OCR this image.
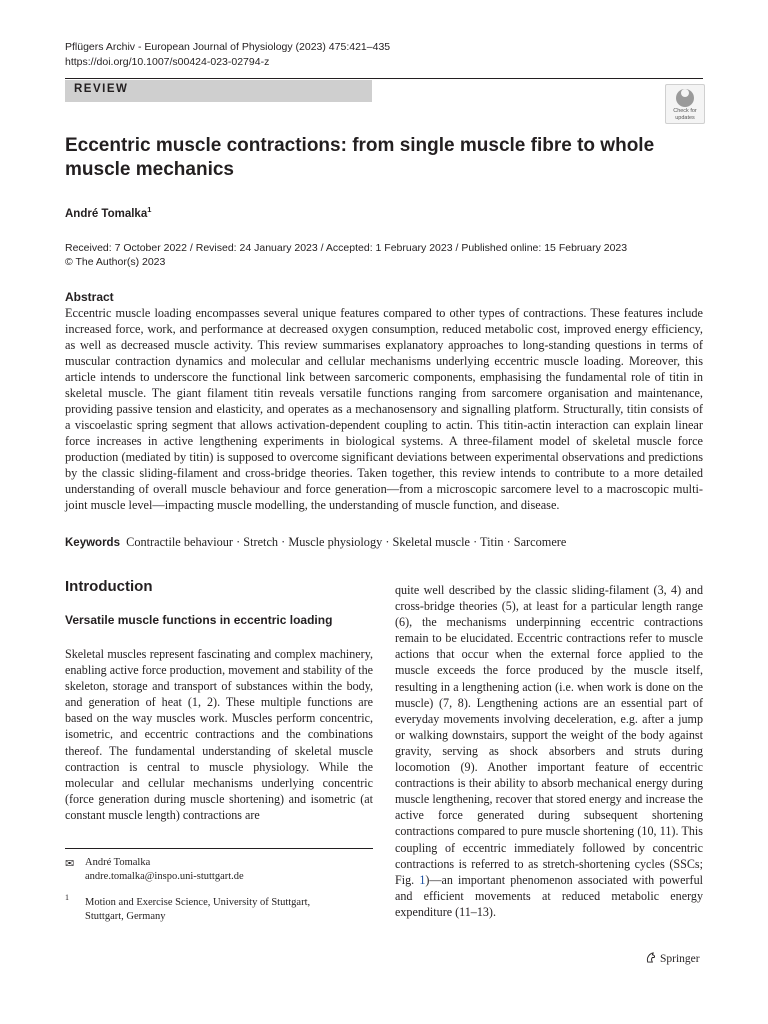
Pflügers Archiv - European Journal of Physiology (2023) 475:421–435
https://doi.org/10.1007/s00424-023-02794-z
REVIEW
Check for
updates
Eccentric muscle contractions: from single muscle fibre to whole muscle mechanics
André Tomalka$^1$
Received: 7 October 2022 / Revised: 24 January 2023 / Accepted: 1 February 2023 / Published online: 15 February 2023
© The Author(s) 2023
Abstract
Eccentric muscle loading encompasses several unique features compared to other types of contractions. These features include increased force, work, and performance at decreased oxygen consumption, reduced metabolic cost, improved energy efficiency, as well as decreased muscle activity. This review summarises explanatory approaches to long-standing questions in terms of muscular contraction dynamics and molecular and cellular mechanisms underlying eccentric muscle loading. Moreover, this article intends to underscore the functional link between sarcomeric components, emphasising the fundamental role of titin in skeletal muscle. The giant filament titin reveals versatile functions ranging from sarcomere organisation and maintenance, providing passive tension and elasticity, and operates as a mechanosensory and signalling platform. Structurally, titin consists of a viscoelastic spring segment that allows activation-dependent coupling to actin. This titin-actin interaction can explain linear force increases in active lengthening experiments in biological systems. A three-filament model of skeletal muscle force production (mediated by titin) is supposed to overcome significant deviations between experimental observations and predictions by the classic sliding-filament and cross-bridge theories. Taken together, this review intends to contribute to a more detailed understanding of overall muscle behaviour and force generation—from a microscopic sarcomere level to a macroscopic multi-joint muscle level—impacting muscle modelling, the understanding of muscle function, and disease.
Keywords Contractile behaviour · Stretch · Muscle physiology · Skeletal muscle · Titin · Sarcomere
Introduction
Versatile muscle functions in eccentric loading
Skeletal muscles represent fascinating and complex machinery, enabling active force production, movement and stability of the skeleton, storage and transport of substances within the body, and generation of heat (1, 2). These multiple functions are based on the way muscles work. Muscles perform concentric, isometric, and eccentric contractions and the combinations thereof. The fundamental understanding of skeletal muscle contraction is central to muscle physiology. While the molecular and cellular mechanisms underlying concentric (force generation during muscle shortening) and isometric (at constant muscle length) contractions are
quite well described by the classic sliding-filament (3, 4) and cross-bridge theories (5), at least for a particular length range (6), the mechanisms underpinning eccentric contractions remain to be elucidated. Eccentric contractions refer to muscle actions that occur when the external force applied to the muscle exceeds the force produced by the muscle itself, resulting in a lengthening action (i.e. when work is done on the muscle) (7, 8). Lengthening actions are an essential part of everyday movements involving deceleration, e.g. after a jump or walking downstairs, support the weight of the body against gravity, serving as shock absorbers and struts during locomotion (9). Another important feature of eccentric contractions is their ability to absorb mechanical energy during muscle lengthening, recover that stored energy and increase the active force generated during subsequent shortening contractions compared to pure muscle shortening (10, 11). This coupling of eccentric immediately followed by concentric contractions is referred to as stretch-shortening cycles (SSCs; Fig. 1)—an important phenomenon associated with powerful and efficient movements at reduced metabolic energy expenditure (11–13).
✉ André Tomalka
andre.tomalka@inspo.uni-stuttgart.de
1 Motion and Exercise Science, University of Stuttgart,
Stuttgart, Germany
Springer
